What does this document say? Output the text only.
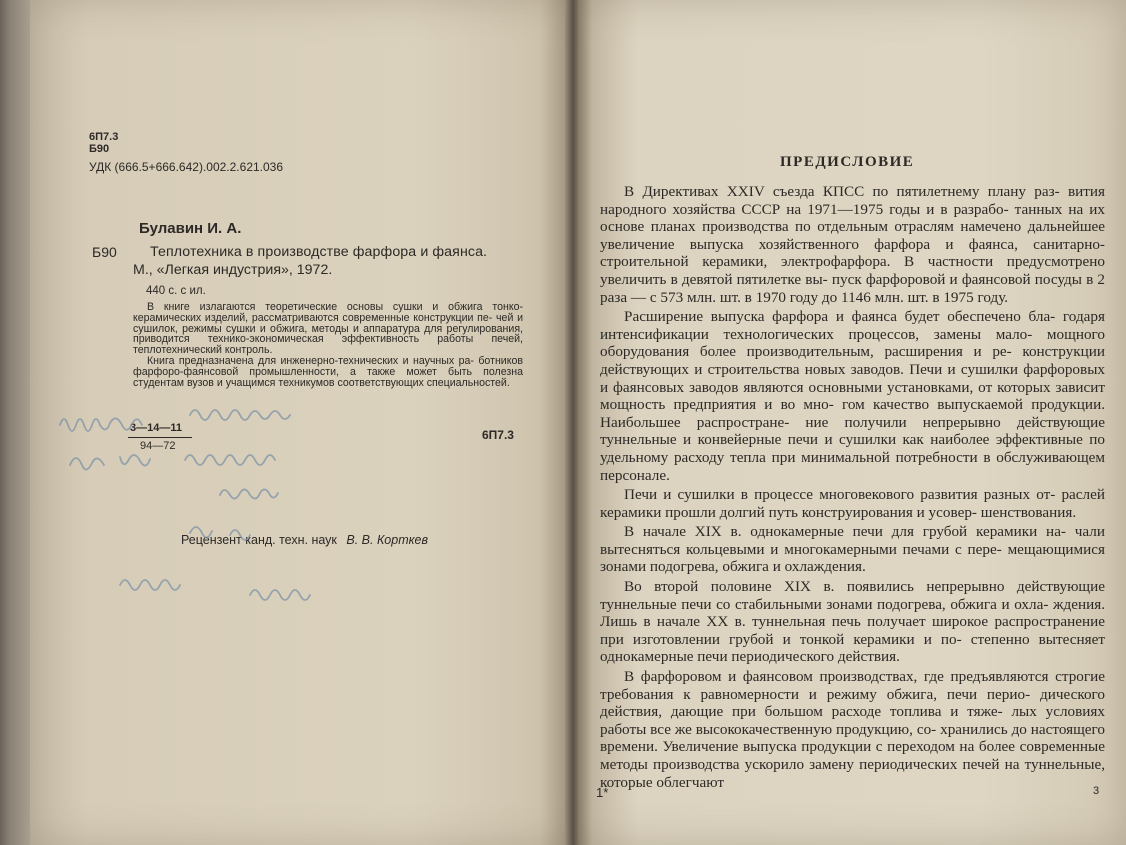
6П7.3
Б90
УДК (666.5+666.642).002.2.621.036
Булавин И. А.
Б90 Теплотехника в производстве фарфора и фаянса.
М., «Легкая индустрия», 1972.
440 с. с ил.

В книге излагаются теоретические основы сушки и обжига тонко- керамических изделий, рассматриваются современные конструкции пе- чей и сушилок, режимы сушки и обжига, методы и аппаратура для регулирования, приводится технико-экономическая эффективность работы печей, теплотехнический контроль.

Книга предназначена для инженерно-технических и научных ра- ботников фарфоро-фаянсовой промышленности, а также может быть полезна студентам вузов и учащимся техникумов соответствующих специальностей.

3—14—11
94—72
6П7.3
Рецензент канд. техн. наук В. В. Корткев
1*
ПРЕДИСЛОВИЕ

В Директивах XXIV съезда КПСС по пятилетнему плану раз- вития народного хозяйства СССР на 1971—1975 годы и в разрабо- танных на их основе планах производства по отдельным отраслям намечено дальнейшее увеличение выпуска хозяйственного фарфора и фаянса, санитарно-строительной керамики, электрофарфора. В частности предусмотрено увеличить в девятой пятилетке вы- пуск фарфоровой и фаянсовой посуды в 2 раза — с 573 млн. шт. в 1970 году до 1146 млн. шт. в 1975 году.

Расширение выпуска фарфора и фаянса будет обеспечено бла- годаря интенсификации технологических процессов, замены мало- мощного оборудования более производительным, расширения и ре- конструкции действующих и строительства новых заводов. Печи и сушилки фарфоровых и фаянсовых заводов являются основными установками, от которых зависит мощность предприятия и во мно- гом качество выпускаемой продукции. Наибольшее распростране- ние получили непрерывно действующие туннельные и конвейерные печи и сушилки как наиболее эффективные по удельному расходу тепла при минимальной потребности в обслуживающем персонале.

Печи и сушилки в процессе многовекового развития разных от- раслей керамики прошли долгий путь конструирования и усовер- шенствования.

В начале XIX в. однокамерные печи для грубой керамики на- чали вытесняться кольцевыми и многокамерными печами с пере- мещающимися зонами подогрева, обжига и охлаждения.

Во второй половине XIX в. появились непрерывно действующие туннельные печи со стабильными зонами подогрева, обжига и охла- ждения. Лишь в начале XX в. туннельная печь получает широкое распространение при изготовлении грубой и тонкой керамики и по- степенно вытесняет однокамерные печи периодического действия.

В фарфоровом и фаянсовом производствах, где предъявляются строгие требования к равномерности и режиму обжига, печи перио- дического действия, дающие при большом расходе топлива и тяже- лых условиях работы все же высококачественную продукцию, со- хранились до настоящего времени. Увеличение выпуска продукции с переходом на более современные методы производства ускорило замену периодических печей на туннельные, которые облегчают

3
